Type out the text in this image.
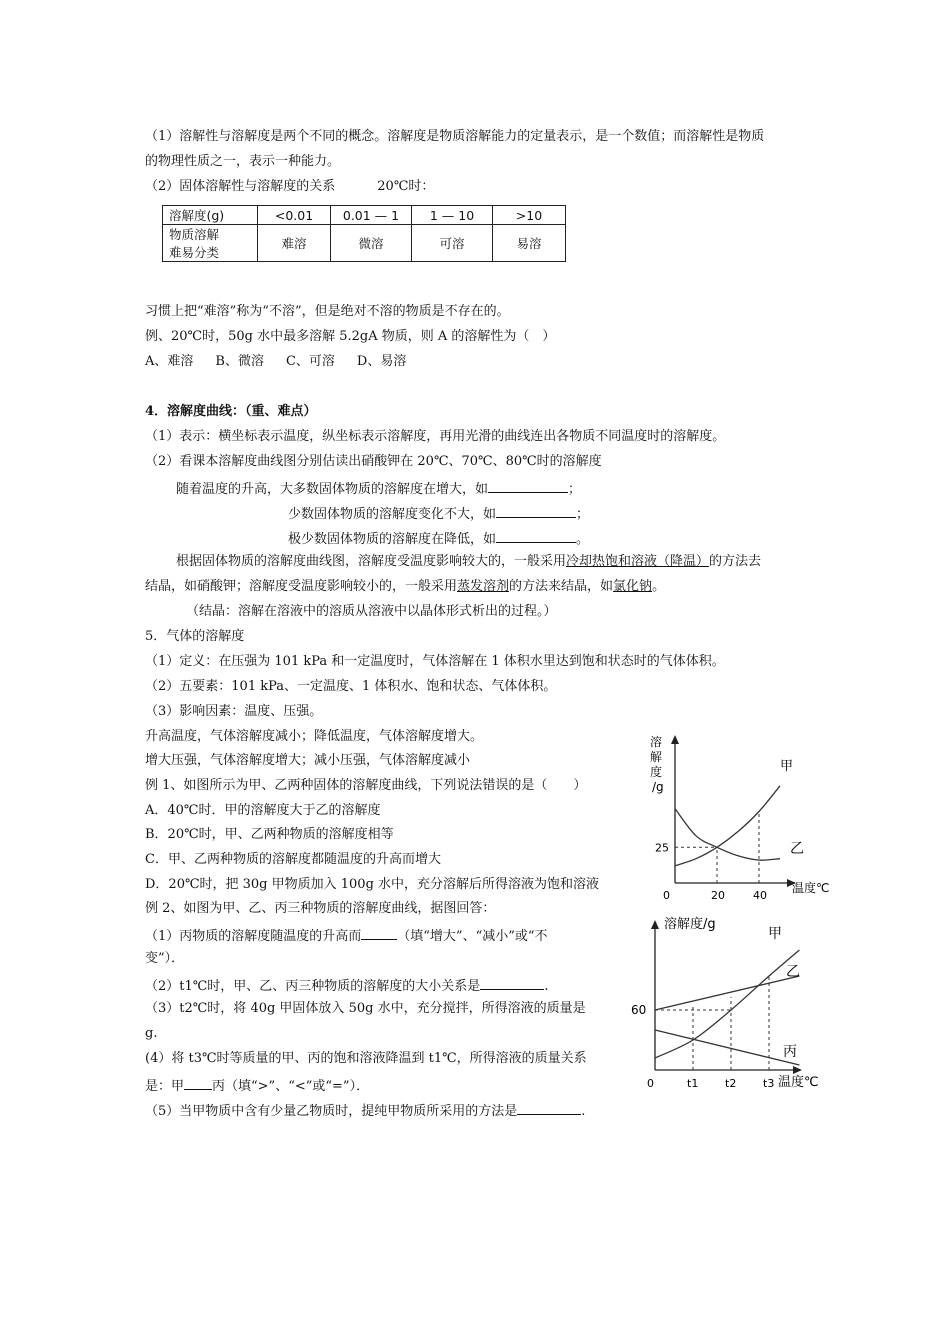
（1）溶解性与溶解度是两个不同的概念。溶解度是物质溶解能力的定量表示，是一个数值；而溶解性是物质
的物理性质之一，表示一种能力。
（2）固体溶解性与溶解度的关系	20℃时：
溶解度(g)	<0.01	0.01 — 1	1 — 10	>10
物质溶解	难溶	微溶	可溶	易溶
难易分类				
习惯上把“难溶”称为“不溶”，但是绝对不溶的物质是不存在的。
例、20℃时，50g 水中最多溶解 5.2gA 物质，则 A 的溶解性为（　）
A、难溶 B、微溶 C、可溶 D、易溶
4．溶解度曲线：（重、难点）
（1）表示：横坐标表示温度，纵坐标表示溶解度，再用光滑的曲线连出各物质不同温度时的溶解度。
（2）看课本溶解度曲线图分别估读出硝酸钾在 20℃、70℃、80℃时的溶解度
随着温度的升高，大多数固体物质的溶解度在增大，如	；
少数固体物质的溶解度变化不大，如	；
极少数固体物质的溶解度在降低，如	。
根据固体物质的溶解度曲线图，溶解度受温度影响较大的，一般采用冷却热饱和溶液（降温）的方法去
结晶，如硝酸钾；溶解度受温度影响较小的，一般采用蒸发溶剂的方法来结晶，如氯化钠。
（结晶：溶解在溶液中的溶质从溶液中以晶体形式析出的过程。）
5．气体的溶解度
（1）定义：在压强为 101 kPa 和一定温度时，气体溶解在 1 体积水里达到饱和状态时的气体体积。
（2）五要素：101 kPa、一定温度、1 体积水、饱和状态、气体体积。
（3）影响因素：温度、压强。
升高温度，气体溶解度减小；降低温度，气体溶解度增大。
增大压强，气体溶解度增大；减小压强，气体溶解度减小
例 1、如图所示为甲、乙两种固体的溶解度曲线，下列说法错误的是（　　）
A．40℃时．甲的溶解度大于乙的溶解度
B．20℃时，甲、乙两种物质的溶解度相等
C．甲、乙两种物质的溶解度都随温度的升高而增大
D．20℃时，把 30g 甲物质加入 100g 水中，充分溶解后所得溶液为饱和溶液
例 2、如图为甲、乙、丙三种物质的溶解度曲线，据图回答：
（1）丙物质的溶解度随温度的升高而	（填“增大”、“减小”或“不
变”）．
（2）t1℃时，甲、乙、丙三种物质的溶解度的大小关系是	.
（3）t2℃时，将 40g 甲固体放入 50g 水中，充分搅拌，所得溶液的质量是
g.
(4）将 t3℃时等质量的甲、丙的饱和溶液降温到 t1℃，所得溶液的质量关系
是：甲 丙（填“>”、“<”或“=”）．
（5）当甲物质中含有少量乙物质时，提纯甲物质所采用的方法是	.
溶
解
度
/g
0	20	40
25
甲
乙
温度℃
溶解度/g
0	t1 t2 t3
60
甲
乙
丙
温度℃
